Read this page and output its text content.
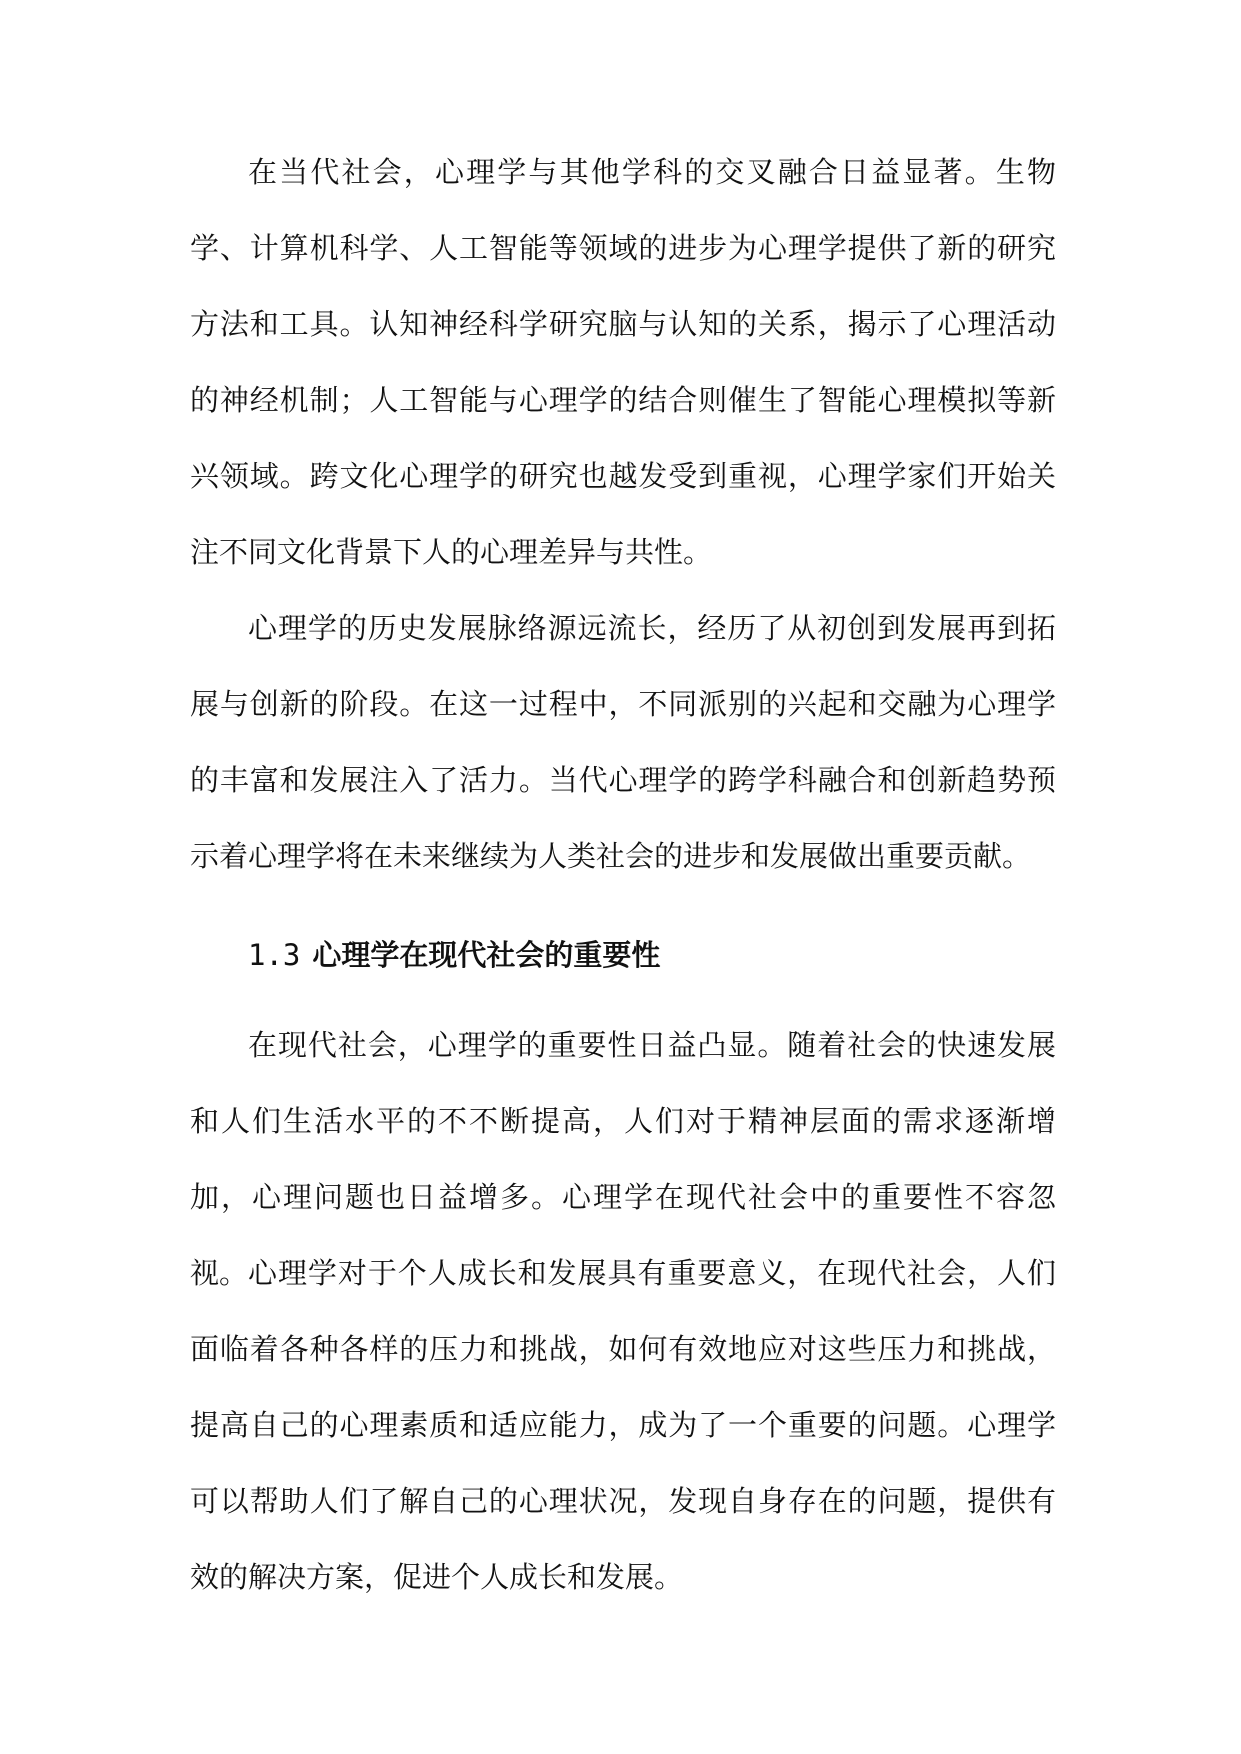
在当代社会，心理学与其他学科的交叉融合日益显著。生物学、计算机科学、人工智能等领域的进步为心理学提供了新的研究方法和工具。认知神经科学研究脑与认知的关系，揭示了心理活动的神经机制；人工智能与心理学的结合则催生了智能心理模拟等新兴领域。跨文化心理学的研究也越发受到重视，心理学家们开始关注不同文化背景下人的心理差异与共性。

心理学的历史发展脉络源远流长，经历了从初创到发展再到拓展与创新的阶段。在这一过程中，不同派别的兴起和交融为心理学的丰富和发展注入了活力。当代心理学的跨学科融合和创新趋势预示着心理学将在未来继续为人类社会的进步和发展做出重要贡献。

1.3 心理学在现代社会的重要性

在现代社会，心理学的重要性日益凸显。随着社会的快速发展和人们生活水平的不不断提高，人们对于精神层面的需求逐渐增加，心理问题也日益增多。心理学在现代社会中的重要性不容忽视。 心理学对于个人成长和发展具有重要意义，在现代社会，人们面临着各种各样的压力和挑战，如何有效地应对这些压力和挑战，提高自己的心理素质和适应能力，成为了一个重要的问题。心理学可以帮助人们了解自己的心理状况，发现自身存在的问题，提供有效的解决方案，促进个人成长和发展。
